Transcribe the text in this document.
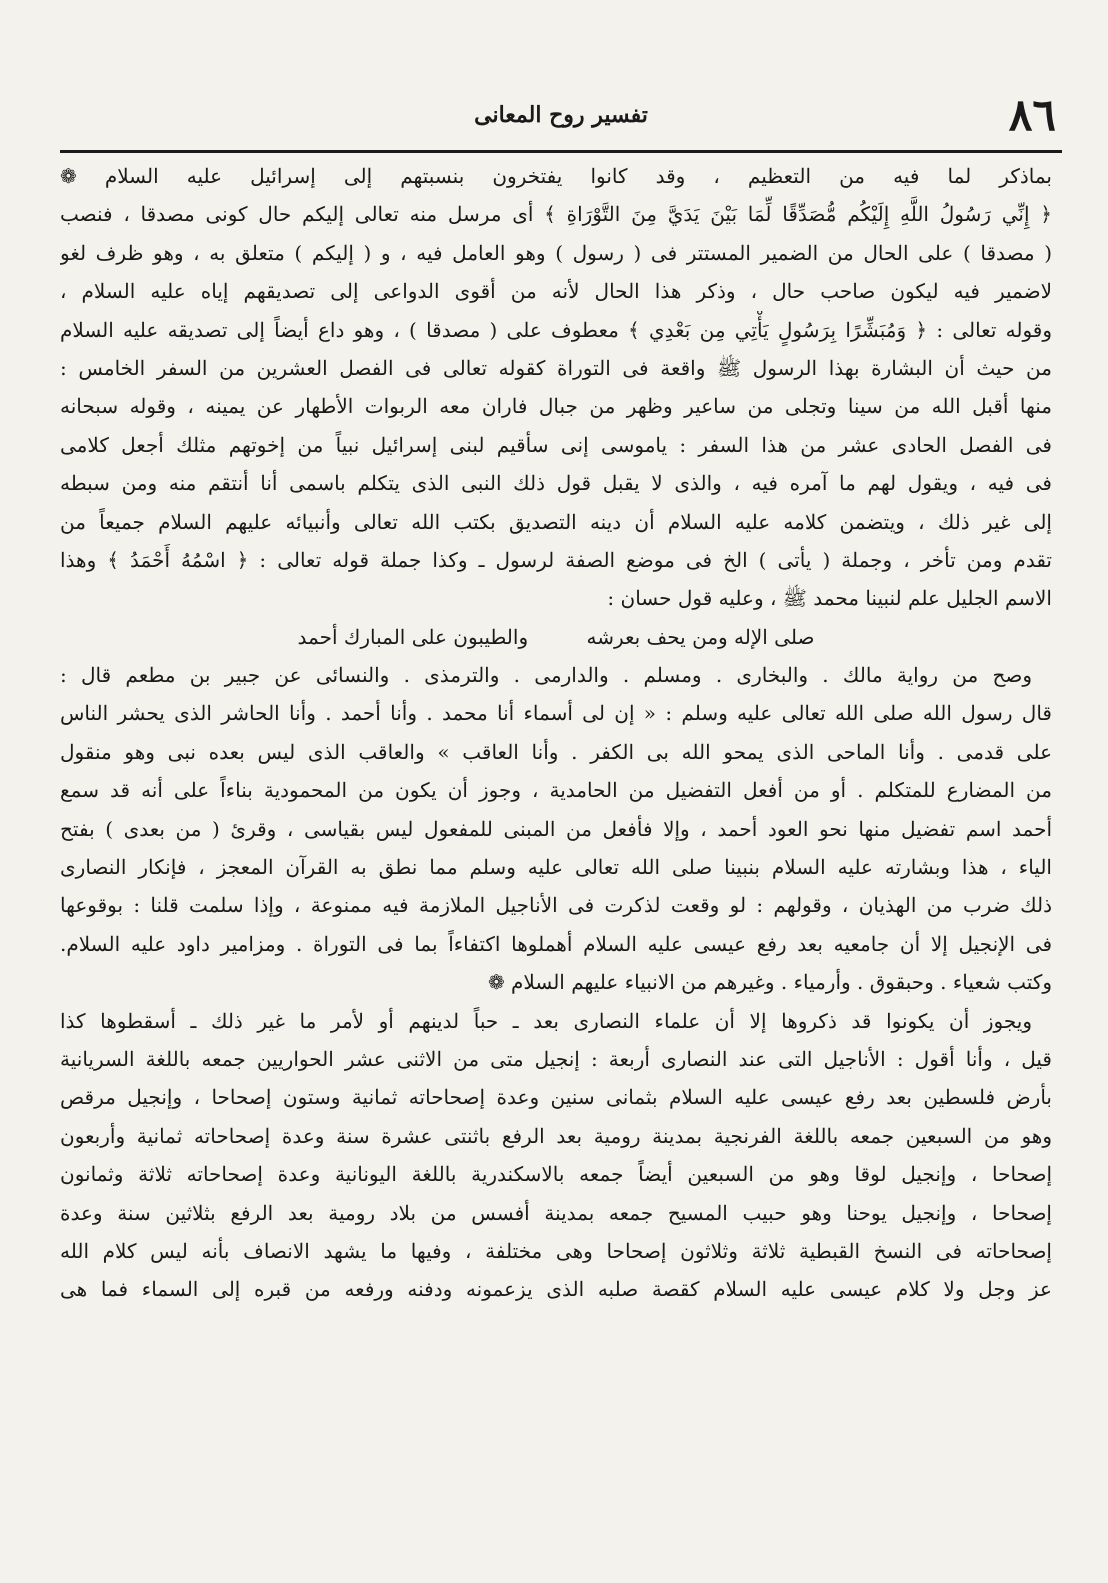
٨٦
تفسير روح المعانى
بماذكر لما فيه من التعظيم ، وقد كانوا يفتخرون بنسبتهم إلى إسرائيل عليه السلام ❁
﴿ إِنِّي رَسُولُ اللَّهِ إِلَيْكُم مُّصَدِّقًا لِّمَا بَيْنَ يَدَيَّ مِنَ التَّوْرَاةِ ﴾ أى مرسل منه تعالى إليكم حال كونى مصدقا ، فنصب
( مصدقا ) على الحال من الضمير المستتر فى ( رسول ) وهو العامل فيه ، و ( إليكم ) متعلق به ، وهو ظرف لغو
لاضمير فيه ليكون صاحب حال ، وذكر هذا الحال لأنه من أقوى الدواعى إلى تصديقهم إياه عليه السلام ،
وقوله تعالى : ﴿ وَمُبَشِّرًا بِرَسُولٍ يَأْتِي مِن بَعْدِي ﴾ معطوف على ( مصدقا ) ، وهو داع أيضاً إلى تصديقه عليه السلام
من حيث أن البشارة بهذا الرسول ﷺ واقعة فى التوراة كقوله تعالى فى الفصل العشرين من السفر الخامس :
منها أقبل الله من سينا وتجلى من ساعير وظهر من جبال فاران معه الربوات الأطهار عن يمينه ، وقوله سبحانه
فى الفصل الحادى عشر من هذا السفر : ياموسى إنى سأقيم لبنى إسرائيل نبياً من إخوتهم مثلك أجعل كلامى
فى فيه ، ويقول لهم ما آمره فيه ، والذى لا يقبل قول ذلك النبى الذى يتكلم باسمى أنا أنتقم منه ومن سبطه
إلى غير ذلك ، ويتضمن كلامه عليه السلام أن دينه التصديق بكتب الله تعالى وأنبيائه عليهم السلام جميعاً من
تقدم ومن تأخر ، وجملة ( يأتى ) الخ فى موضع الصفة لرسول ـ وكذا جملة قوله تعالى : ﴿ اسْمُهُ أَحْمَدُ ﴾ وهذا
الاسم الجليل علم لنبينا محمد ﷺ ، وعليه قول حسان :
صلى الإله ومن يحف بعرشه والطيبون على المبارك أحمد
وصح من رواية مالك . والبخارى . ومسلم . والدارمى . والترمذى . والنسائى عن جبير بن مطعم قال :
قال رسول الله صلى الله تعالى عليه وسلم : « إن لى أسماء أنا محمد . وأنا أحمد . وأنا الحاشر الذى يحشر الناس
على قدمى . وأنا الماحى الذى يمحو الله بى الكفر . وأنا العاقب » والعاقب الذى ليس بعده نبى وهو منقول
من المضارع للمتكلم . أو من أفعل التفضيل من الحامدية ، وجوز أن يكون من المحمودية بناءاً على أنه قد سمع
أحمد اسم تفضيل منها نحو العود أحمد ، وإلا فأفعل من المبنى للمفعول ليس بقياسى ، وقرئ ( من بعدى ) بفتح
الياء ، هذا وبشارته عليه السلام بنبينا صلى الله تعالى عليه وسلم مما نطق به القرآن المعجز ، فإنكار النصارى
ذلك ضرب من الهذيان ، وقولهم : لو وقعت لذكرت فى الأناجيل الملازمة فيه ممنوعة ، وإذا سلمت قلنا : بوقوعها
فى الإنجيل إلا أن جامعيه بعد رفع عيسى عليه السلام أهملوها اكتفاءاً بما فى التوراة . ومزامير داود عليه السلام.
وكتب شعياء . وحبقوق . وأرمياء . وغيرهم من الانبياء عليهم السلام ❁
ويجوز أن يكونوا قد ذكروها إلا أن علماء النصارى بعد ـ حباً لدينهم أو لأمر ما غير ذلك ـ أسقطوها كذا
قيل ، وأنا أقول : الأناجيل التى عند النصارى أربعة : إنجيل متى من الاثنى عشر الحواريين جمعه باللغة السريانية
بأرض فلسطين بعد رفع عيسى عليه السلام بثمانى سنين وعدة إصحاحاته ثمانية وستون إصحاحا ، وإنجيل مرقص
وهو من السبعين جمعه باللغة الفرنجية بمدينة رومية بعد الرفع باثنتى عشرة سنة وعدة إصحاحاته ثمانية وأربعون
إصحاحا ، وإنجيل لوقا وهو من السبعين أيضاً جمعه بالاسكندرية باللغة اليونانية وعدة إصحاحاته ثلاثة وثمانون
إصحاحا ، وإنجيل يوحنا وهو حبيب المسيح جمعه بمدينة أفسس من بلاد رومية بعد الرفع بثلاثين سنة وعدة
إصحاحاته فى النسخ القبطية ثلاثة وثلاثون إصحاحا وهى مختلفة ، وفيها ما يشهد الانصاف بأنه ليس كلام الله
عز وجل ولا كلام عيسى عليه السلام كقصة صلبه الذى يزعمونه ودفنه ورفعه من قبره إلى السماء فما هى
